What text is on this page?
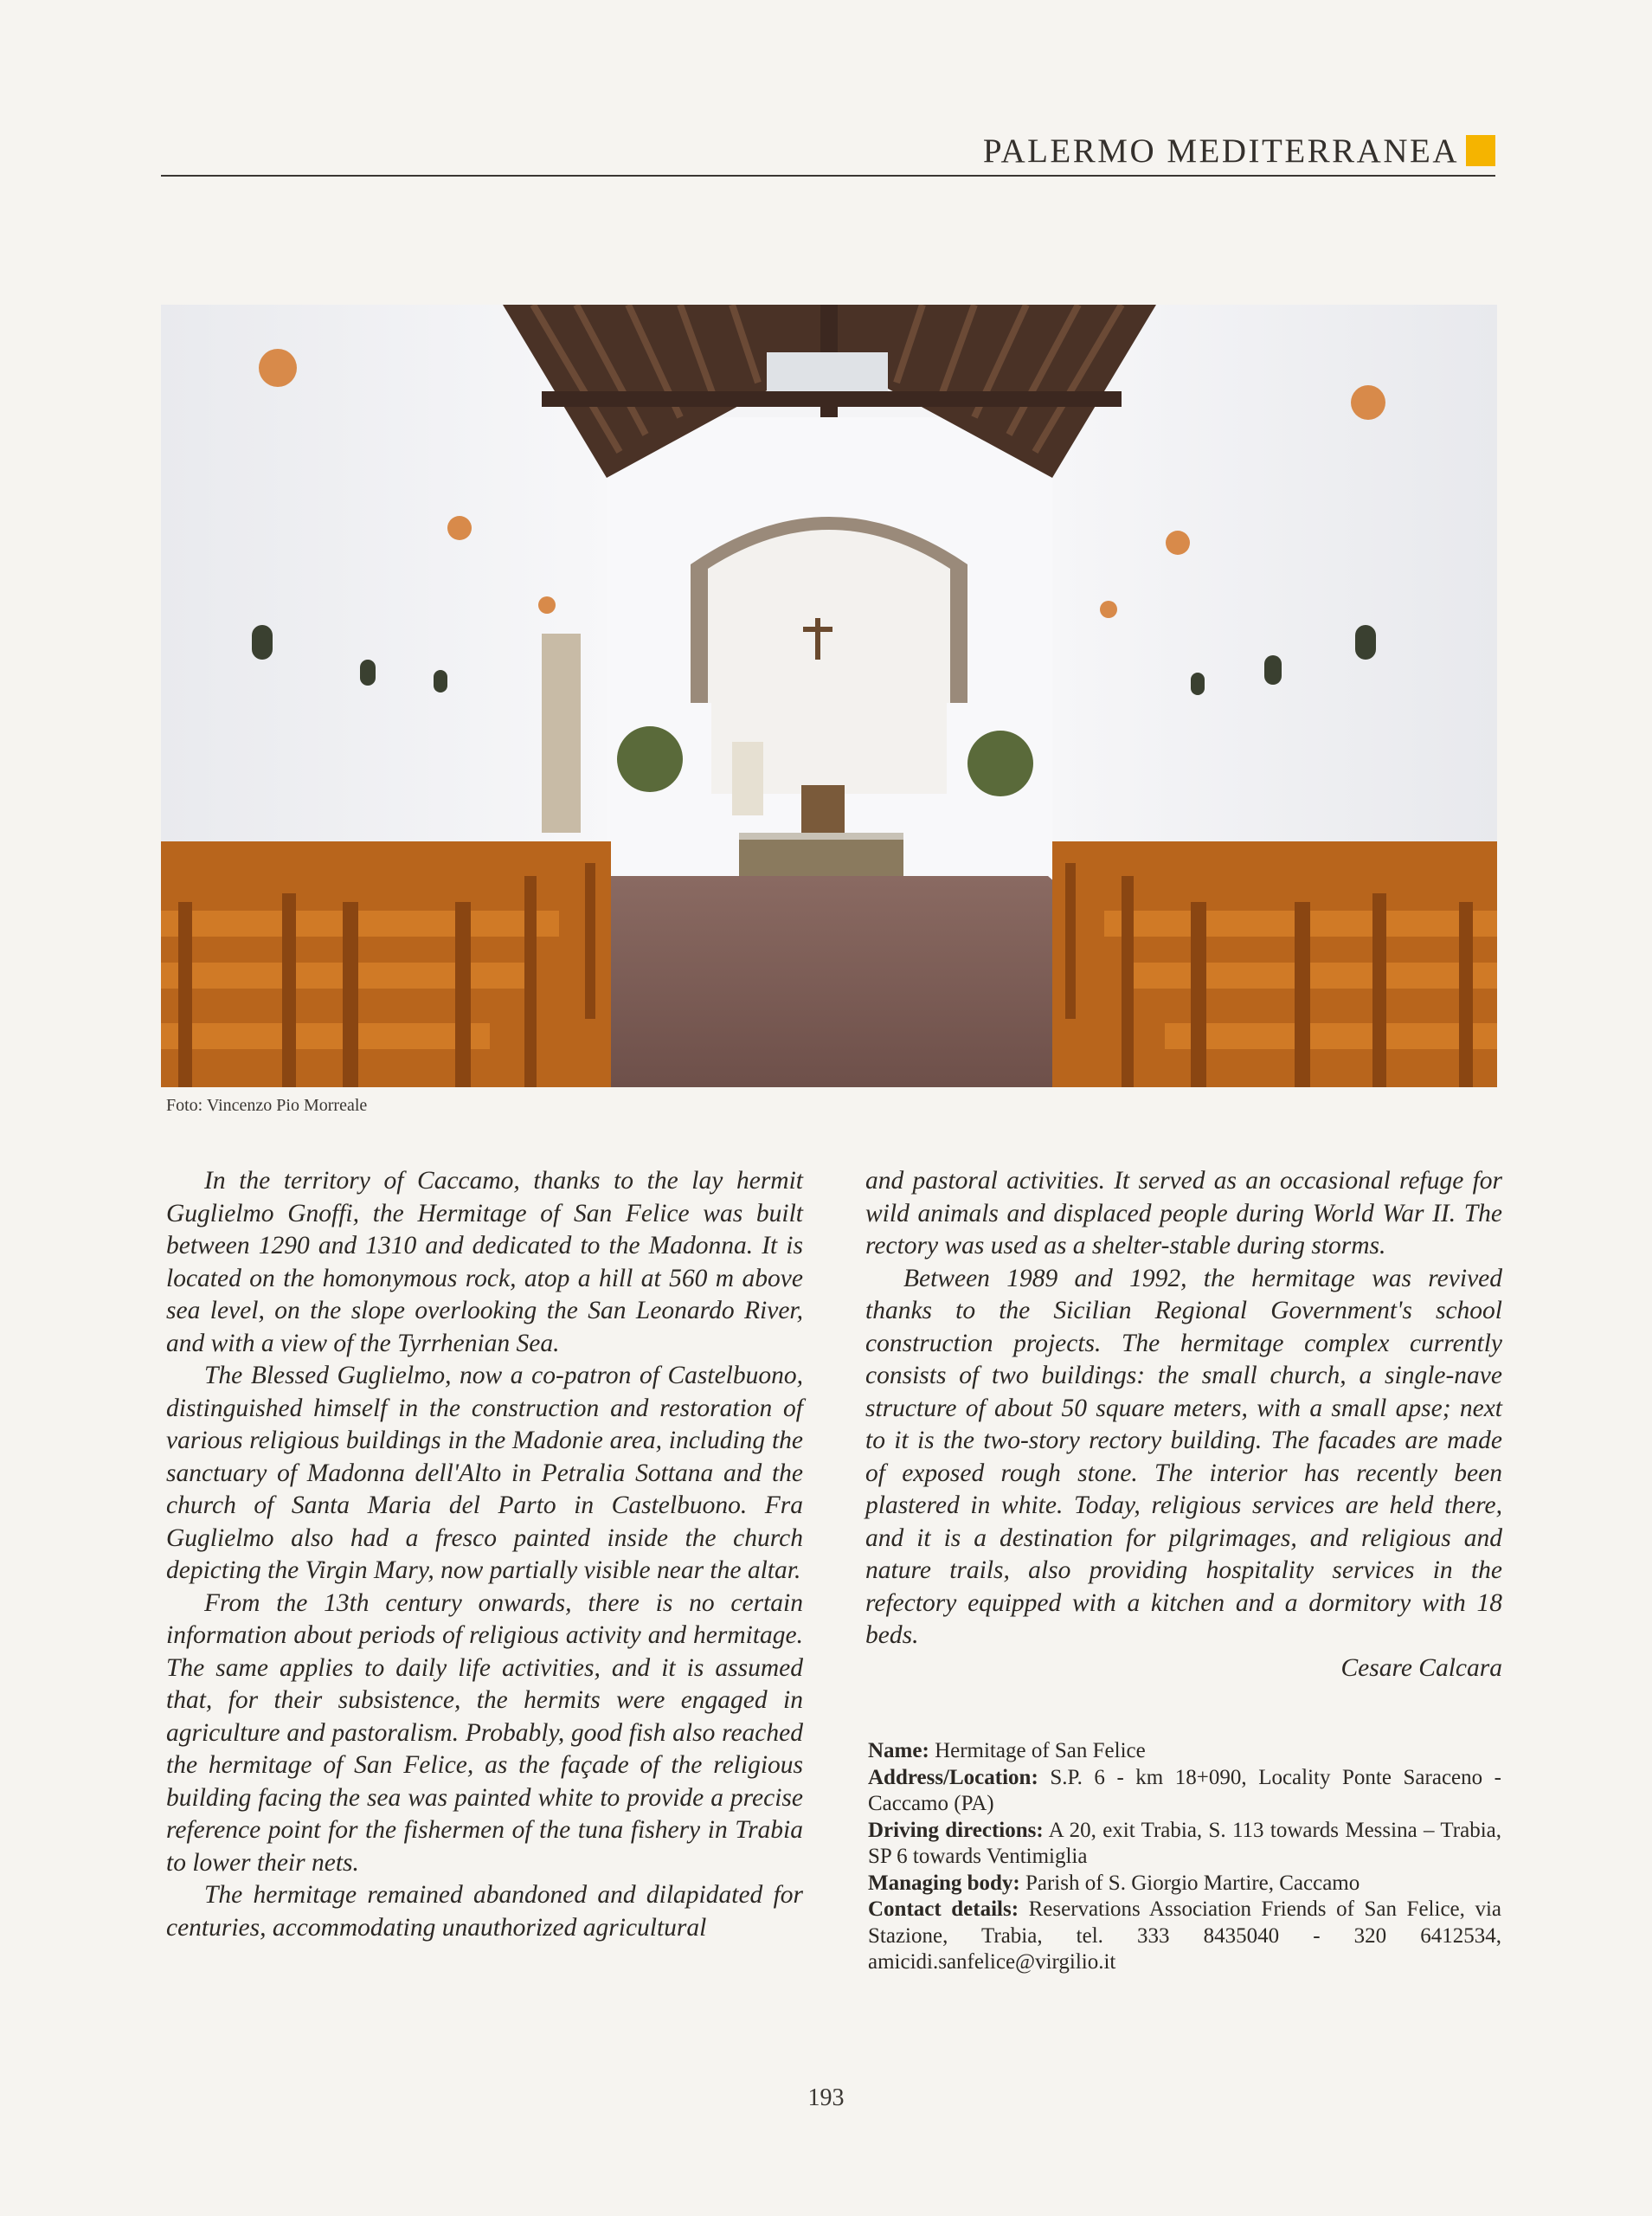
PALERMO MEDITERRANEA
Foto: Vincenzo Pio Morreale

In the territory of Caccamo, thanks to the lay hermit Guglielmo Gnoffi, the Hermitage of San Felice was built between 1290 and 1310 and dedicated to the Madonna. It is located on the homonymous rock, atop a hill at 560 m above sea level, on the slope overlooking the San Leonardo River, and with a view of the Tyrrhenian Sea.

The Blessed Guglielmo, now a co-patron of Castelbuono, distinguished himself in the construction and restoration of various religious buildings in the Madonie area, including the sanctuary of Madonna dell'Alto in Petralia Sottana and the church of Santa Maria del Parto in Castelbuono. Fra Guglielmo also had a fresco painted inside the church depicting the Virgin Mary, now partially visible near the altar.

From the 13th century onwards, there is no certain information about periods of religious activity and hermitage. The same applies to daily life activities, and it is assumed that, for their subsistence, the hermits were engaged in agriculture and pastoralism. Probably, good fish also reached the hermitage of San Felice, as the façade of the religious building facing the sea was painted white to provide a precise reference point for the fishermen of the tuna fishery in Trabia to lower their nets.

The hermitage remained abandoned and dilapidated for centuries, accommodating unauthorized agricultural

and pastoral activities. It served as an occasional refuge for wild animals and displaced people during World War II. The rectory was used as a shelter-stable during storms.

Between 1989 and 1992, the hermitage was revived thanks to the Sicilian Regional Government's school construction projects. The hermitage complex currently consists of two buildings: the small church, a single-nave structure of about 50 square meters, with a small apse; next to it is the two-story rectory building. The facades are made of exposed rough stone. The interior has recently been plastered in white. Today, religious services are held there, and it is a destination for pilgrimages, and religious and nature trails, also providing hospitality services in the refectory equipped with a kitchen and a dormitory with 18 beds.

Cesare Calcara

Name: Hermitage of San Felice

Address/Location: S.P. 6 - km 18+090, Locality Ponte Saraceno - Caccamo (PA)

Driving directions: A 20, exit Trabia, S. 113 towards Messina – Trabia, SP 6 towards Ventimiglia

Managing body: Parish of S. Giorgio Martire, Caccamo

Contact details: Reservations Association Friends of San Felice, via Stazione, Trabia, tel. 333 8435040 - 320 6412534, amicidi.sanfelice@virgilio.it

193
